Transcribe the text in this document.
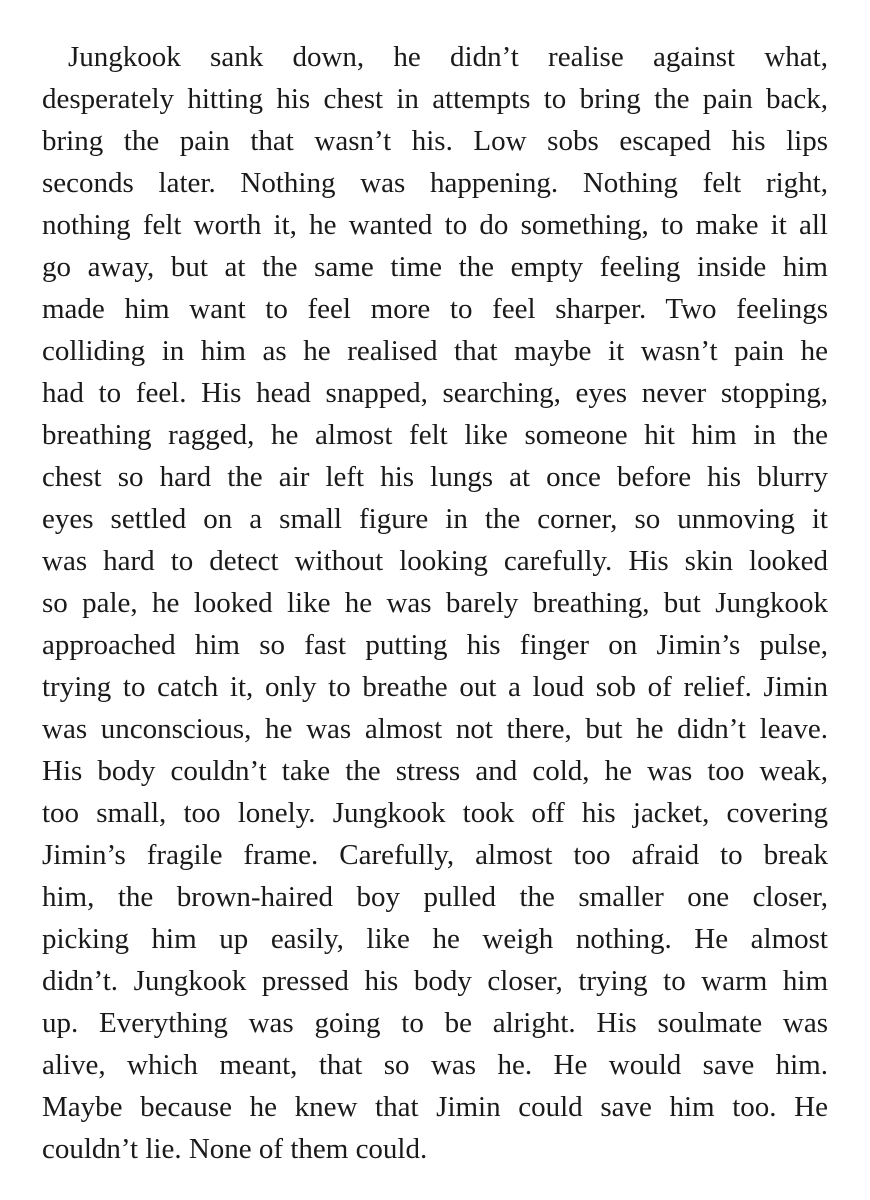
Jungkook sank down, he didn’t realise against what,
desperately hitting his chest in attempts to bring the pain back,
bring the pain that wasn’t his. Low sobs escaped his lips
seconds later. Nothing was happening. Nothing felt right,
nothing felt worth it, he wanted to do something, to make it all
go away, but at the same time the empty feeling inside him
made him want to feel more to feel sharper. Two feelings
colliding in him as he realised that maybe it wasn’t pain he
had to feel. His head snapped, searching, eyes never stopping,
breathing ragged, he almost felt like someone hit him in the
chest so hard the air left his lungs at once before his blurry
eyes settled on a small figure in the corner, so unmoving it
was hard to detect without looking carefully. His skin looked
so pale, he looked like he was barely breathing, but Jungkook
approached him so fast putting his finger on Jimin’s pulse,
trying to catch it, only to breathe out a loud sob of relief. Jimin
was unconscious, he was almost not there, but he didn’t leave.
His body couldn’t take the stress and cold, he was too weak,
too small, too lonely. Jungkook took off his jacket, covering
Jimin’s fragile frame. Carefully, almost too afraid to break
him, the brown-haired boy pulled the smaller one closer,
picking him up easily, like he weigh nothing. He almost
didn’t. Jungkook pressed his body closer, trying to warm him
up. Everything was going to be alright. His soulmate was
alive, which meant, that so was he. He would save him.
Maybe because he knew that Jimin could save him too. He
couldn’t lie. None of them could.
